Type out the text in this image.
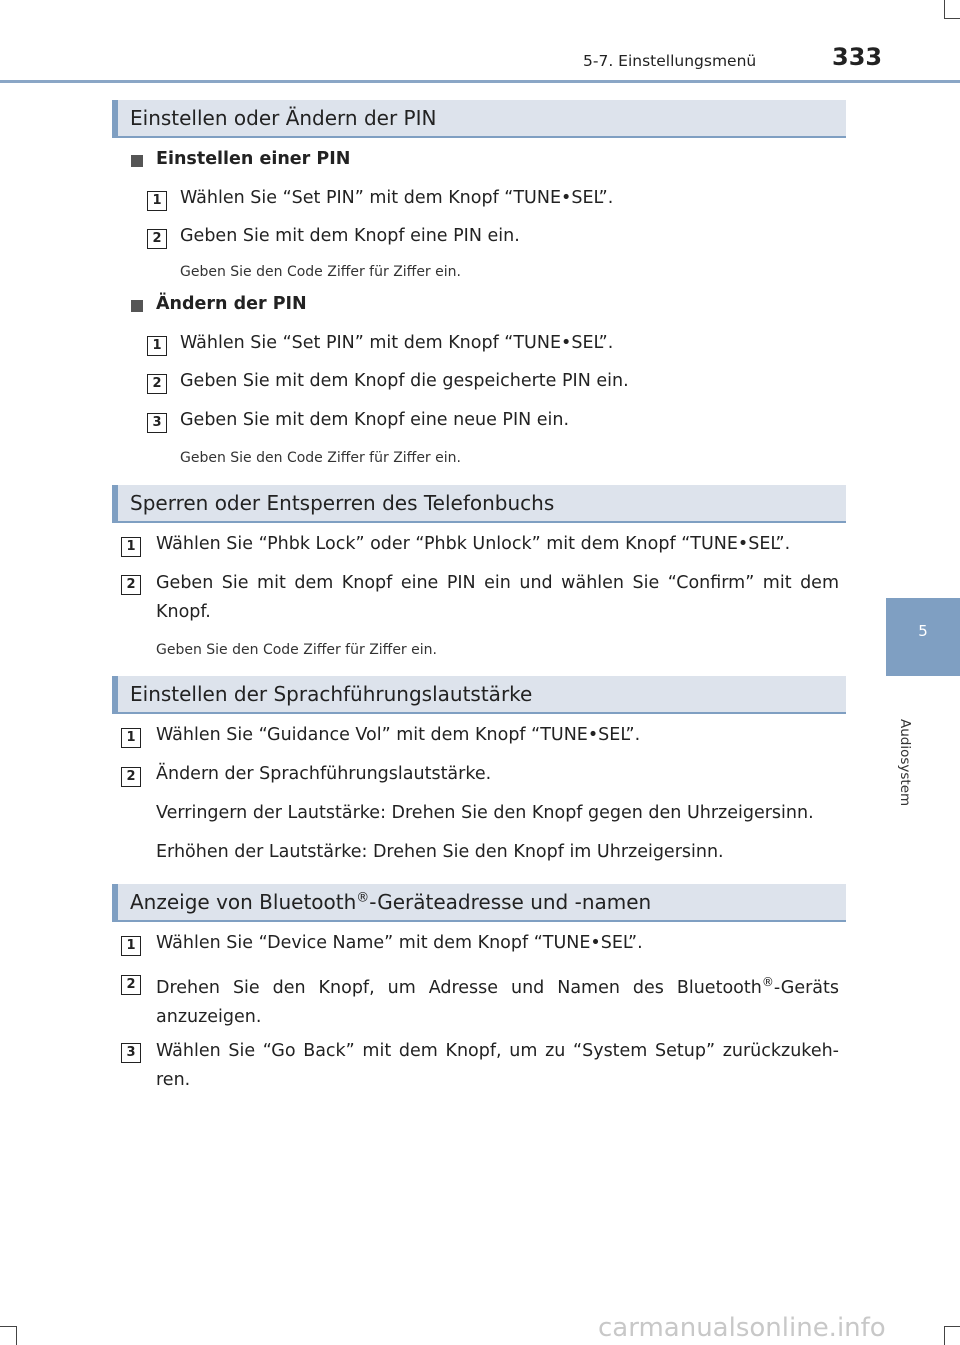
5-7. Einstellungsmenü	333
5
Audiosystem
Einstellen oder Ändern der PIN
Einstellen einer PIN
1	Wählen Sie “Set PIN” mit dem Knopf “TUNE•SEL”.
2	Geben Sie mit dem Knopf eine PIN ein.
Geben Sie den Code Ziffer für Ziffer ein.
Ändern der PIN
1	Wählen Sie “Set PIN” mit dem Knopf “TUNE•SEL”.
2	Geben Sie mit dem Knopf die gespeicherte PIN ein.
3	Geben Sie mit dem Knopf eine neue PIN ein.
Geben Sie den Code Ziffer für Ziffer ein.
Sperren oder Entsperren des Telefonbuchs
1	Wählen Sie “Phbk Lock” oder “Phbk Unlock” mit dem Knopf “TUNE•SEL”.
2	Geben Sie mit dem Knopf eine PIN ein und wählen Sie “Confirm” mit dem Knopf.
Geben Sie den Code Ziffer für Ziffer ein.
Einstellen der Sprachführungslautstärke
1	Wählen Sie “Guidance Vol” mit dem Knopf “TUNE•SEL”.
2	Ändern der Sprachführungslautstärke.
Verringern der Lautstärke: Drehen Sie den Knopf gegen den Uhrzeigersinn.
Erhöhen der Lautstärke: Drehen Sie den Knopf im Uhrzeigersinn.
Anzeige von Bluetooth®-Geräteadresse und -namen
1	Wählen Sie “Device Name” mit dem Knopf “TUNE•SEL”.
2	Drehen Sie den Knopf, um Adresse und Namen des Bluetooth®-Geräts anzuzeigen.
3	Wählen Sie “Go Back” mit dem Knopf, um zu “System Setup” zurückzukeh-ren.
carmanualsonline.info
